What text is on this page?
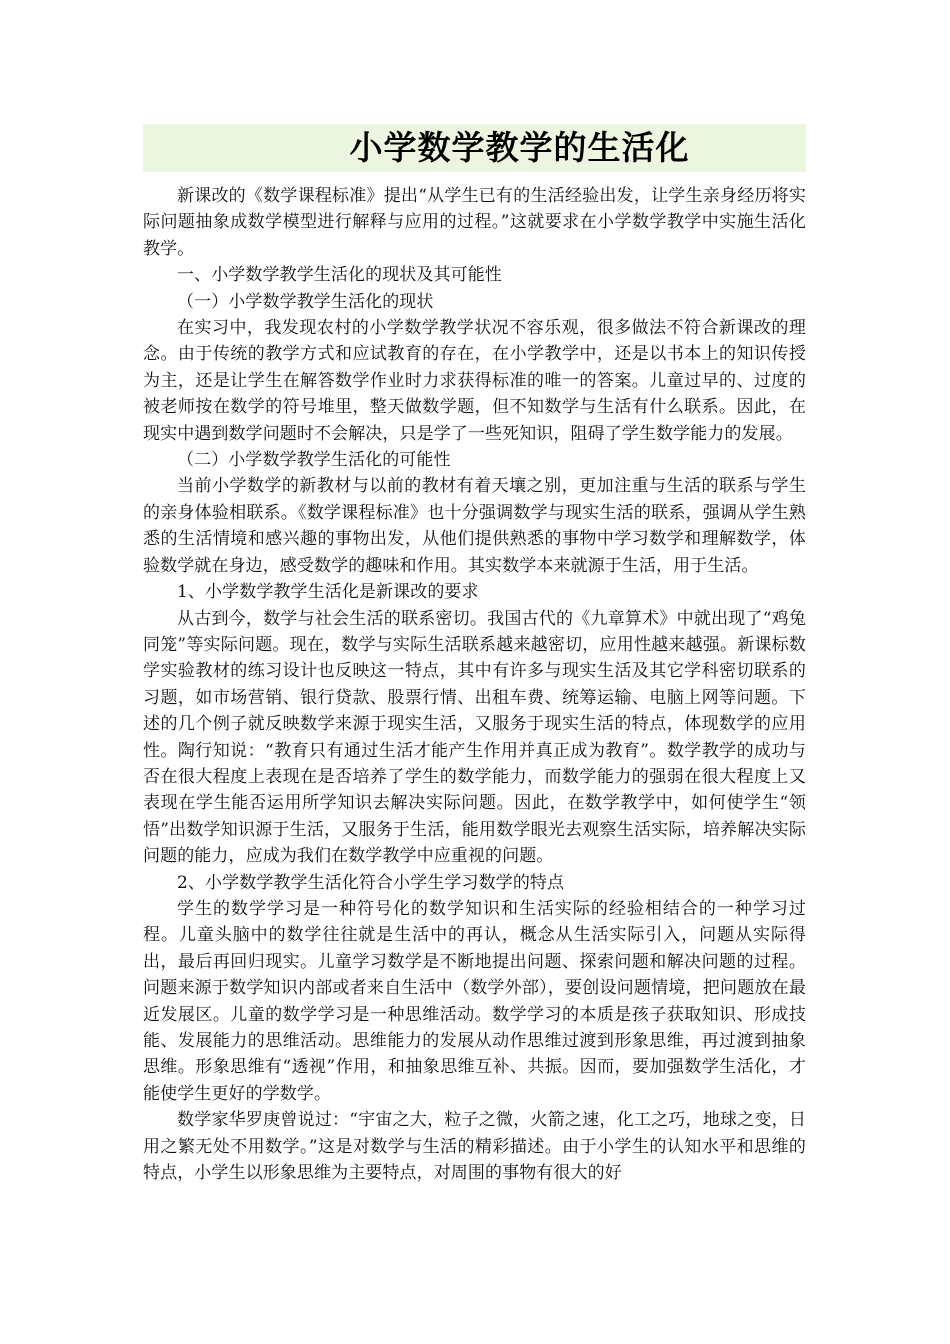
小学数学教学的生活化

新课改的《数学课程标准》提出“从学生已有的生活经验出发，让学生亲身经历将实际问题抽象成数学模型进行解释与应用的过程。”这就要求在小学数学教学中实施生活化教学。

一、小学数学教学生活化的现状及其可能性

（一）小学数学教学生活化的现状

在实习中，我发现农村的小学数学教学状况不容乐观，很多做法不符合新课改的理念。由于传统的教学方式和应试教育的存在，在小学教学中，还是以书本上的知识传授为主，还是让学生在解答数学作业时力求获得标准的唯一的答案。儿童过早的、过度的被老师按在数学的符号堆里，整天做数学题，但不知数学与生活有什么联系。因此，在现实中遇到数学问题时不会解决，只是学了一些死知识，阻碍了学生数学能力的发展。

（二）小学数学教学生活化的可能性

当前小学数学的新教材与以前的教材有着天壤之别，更加注重与生活的联系与学生的亲身体验相联系。《数学课程标准》也十分强调数学与现实生活的联系，强调从学生熟悉的生活情境和感兴趣的事物出发，从他们提供熟悉的事物中学习数学和理解数学，体验数学就在身边，感受数学的趣味和作用。其实数学本来就源于生活，用于生活。

1、小学数学教学生活化是新课改的要求

从古到今，数学与社会生活的联系密切。我国古代的《九章算术》中就出现了“鸡兔同笼”等实际问题。现在，数学与实际生活联系越来越密切，应用性越来越强。新课标数学实验教材的练习设计也反映这一特点，其中有许多与现实生活及其它学科密切联系的习题，如市场营销、银行贷款、股票行情、出租车费、统筹运输、电脑上网等问题。下述的几个例子就反映数学来源于现实生活，又服务于现实生活的特点，体现数学的应用性。陶行知说：“教育只有通过生活才能产生作用并真正成为教育”。数学教学的成功与否在很大程度上表现在是否培养了学生的数学能力，而数学能力的强弱在很大程度上又表现在学生能否运用所学知识去解决实际问题。因此，在数学教学中，如何使学生“领悟”出数学知识源于生活，又服务于生活，能用数学眼光去观察生活实际，培养解决实际问题的能力，应成为我们在数学教学中应重视的问题。

2、小学数学教学生活化符合小学生学习数学的特点

学生的数学学习是一种符号化的数学知识和生活实际的经验相结合的一种学习过程。儿童头脑中的数学往往就是生活中的再认，概念从生活实际引入，问题从实际得出，最后再回归现实。儿童学习数学是不断地提出问题、探索问题和解决问题的过程。问题来源于数学知识内部或者来自生活中（数学外部），要创设问题情境，把问题放在最近发展区。儿童的数学学习是一种思维活动。数学学习的本质是孩子获取知识、形成技能、发展能力的思维活动。思维能力的发展从动作思维过渡到形象思维，再过渡到抽象思维。形象思维有“透视”作用，和抽象思维互补、共振。因而，要加强数学生活化，才能使学生更好的学数学。

数学家华罗庚曾说过：“宇宙之大，粒子之微，火箭之速，化工之巧，地球之变，日用之繁无处不用数学。”这是对数学与生活的精彩描述。由于小学生的认知水平和思维的特点，小学生以形象思维为主要特点，对周围的事物有很大的好
